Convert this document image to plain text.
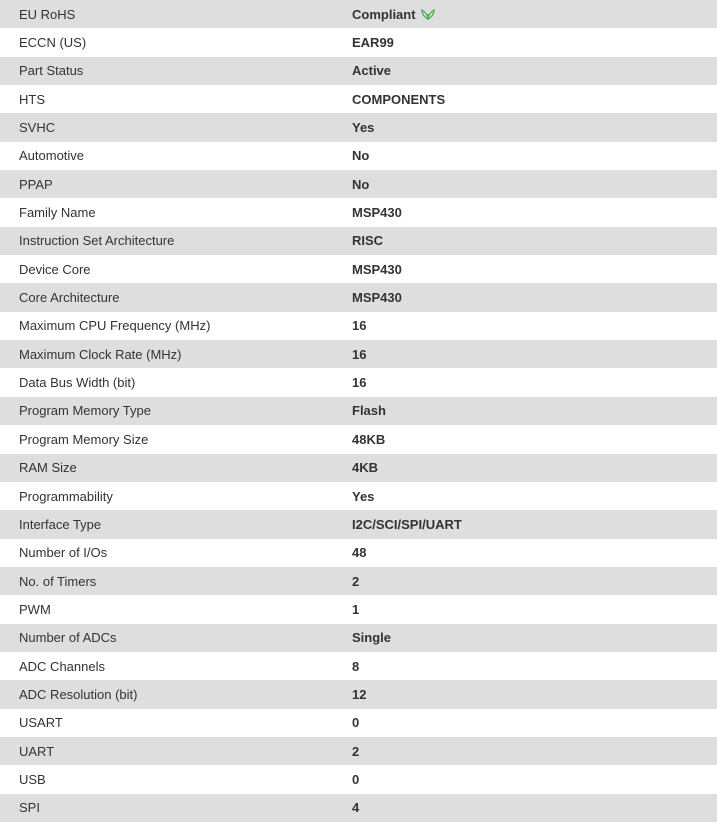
EU RoHS	Compliant
ECCN (US)	EAR99
Part Status	Active
HTS	COMPONENTS
SVHC	Yes
Automotive	No
PPAP	No
Family Name	MSP430
Instruction Set Architecture	RISC
Device Core	MSP430
Core Architecture	MSP430
Maximum CPU Frequency (MHz)	16
Maximum Clock Rate (MHz)	16
Data Bus Width (bit)	16
Program Memory Type	Flash
Program Memory Size	48KB
RAM Size	4KB
Programmability	Yes
Interface Type	I2C/SCI/SPI/UART
Number of I/Os	48
No. of Timers	2
PWM	1
Number of ADCs	Single
ADC Channels	8
ADC Resolution (bit)	12
USART	0
UART	2
USB	0
SPI	4
